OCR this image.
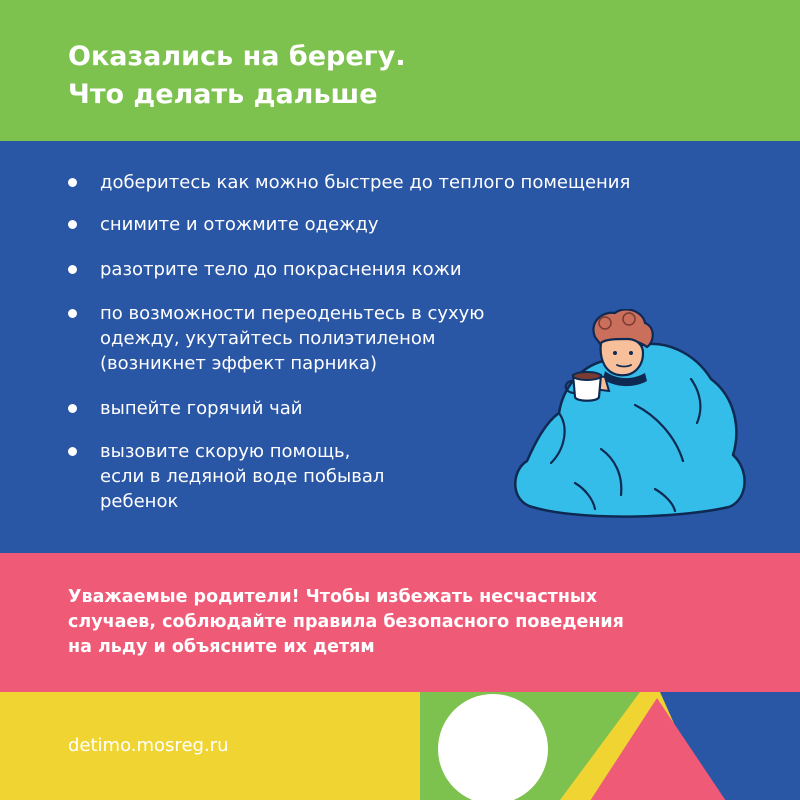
Оказались на берегу.
Что делать дальше
доберитесь как можно быстрее до теплого помещения
снимите и отожмите одежду
разотрите тело до покраснения кожи
по возможности переоденьтесь в сухую
одежду, укутайтесь полиэтиленом
(возникнет эффект парника)
выпейте горячий чай
вызовите скорую помощь,
если в ледяной воде побывал
ребенок

Уважаемые родители! Чтобы избежать несчастных
случаев, соблюдайте правила безопасного поведения
на льду и объясните их детям

detimo.mosreg.ru
